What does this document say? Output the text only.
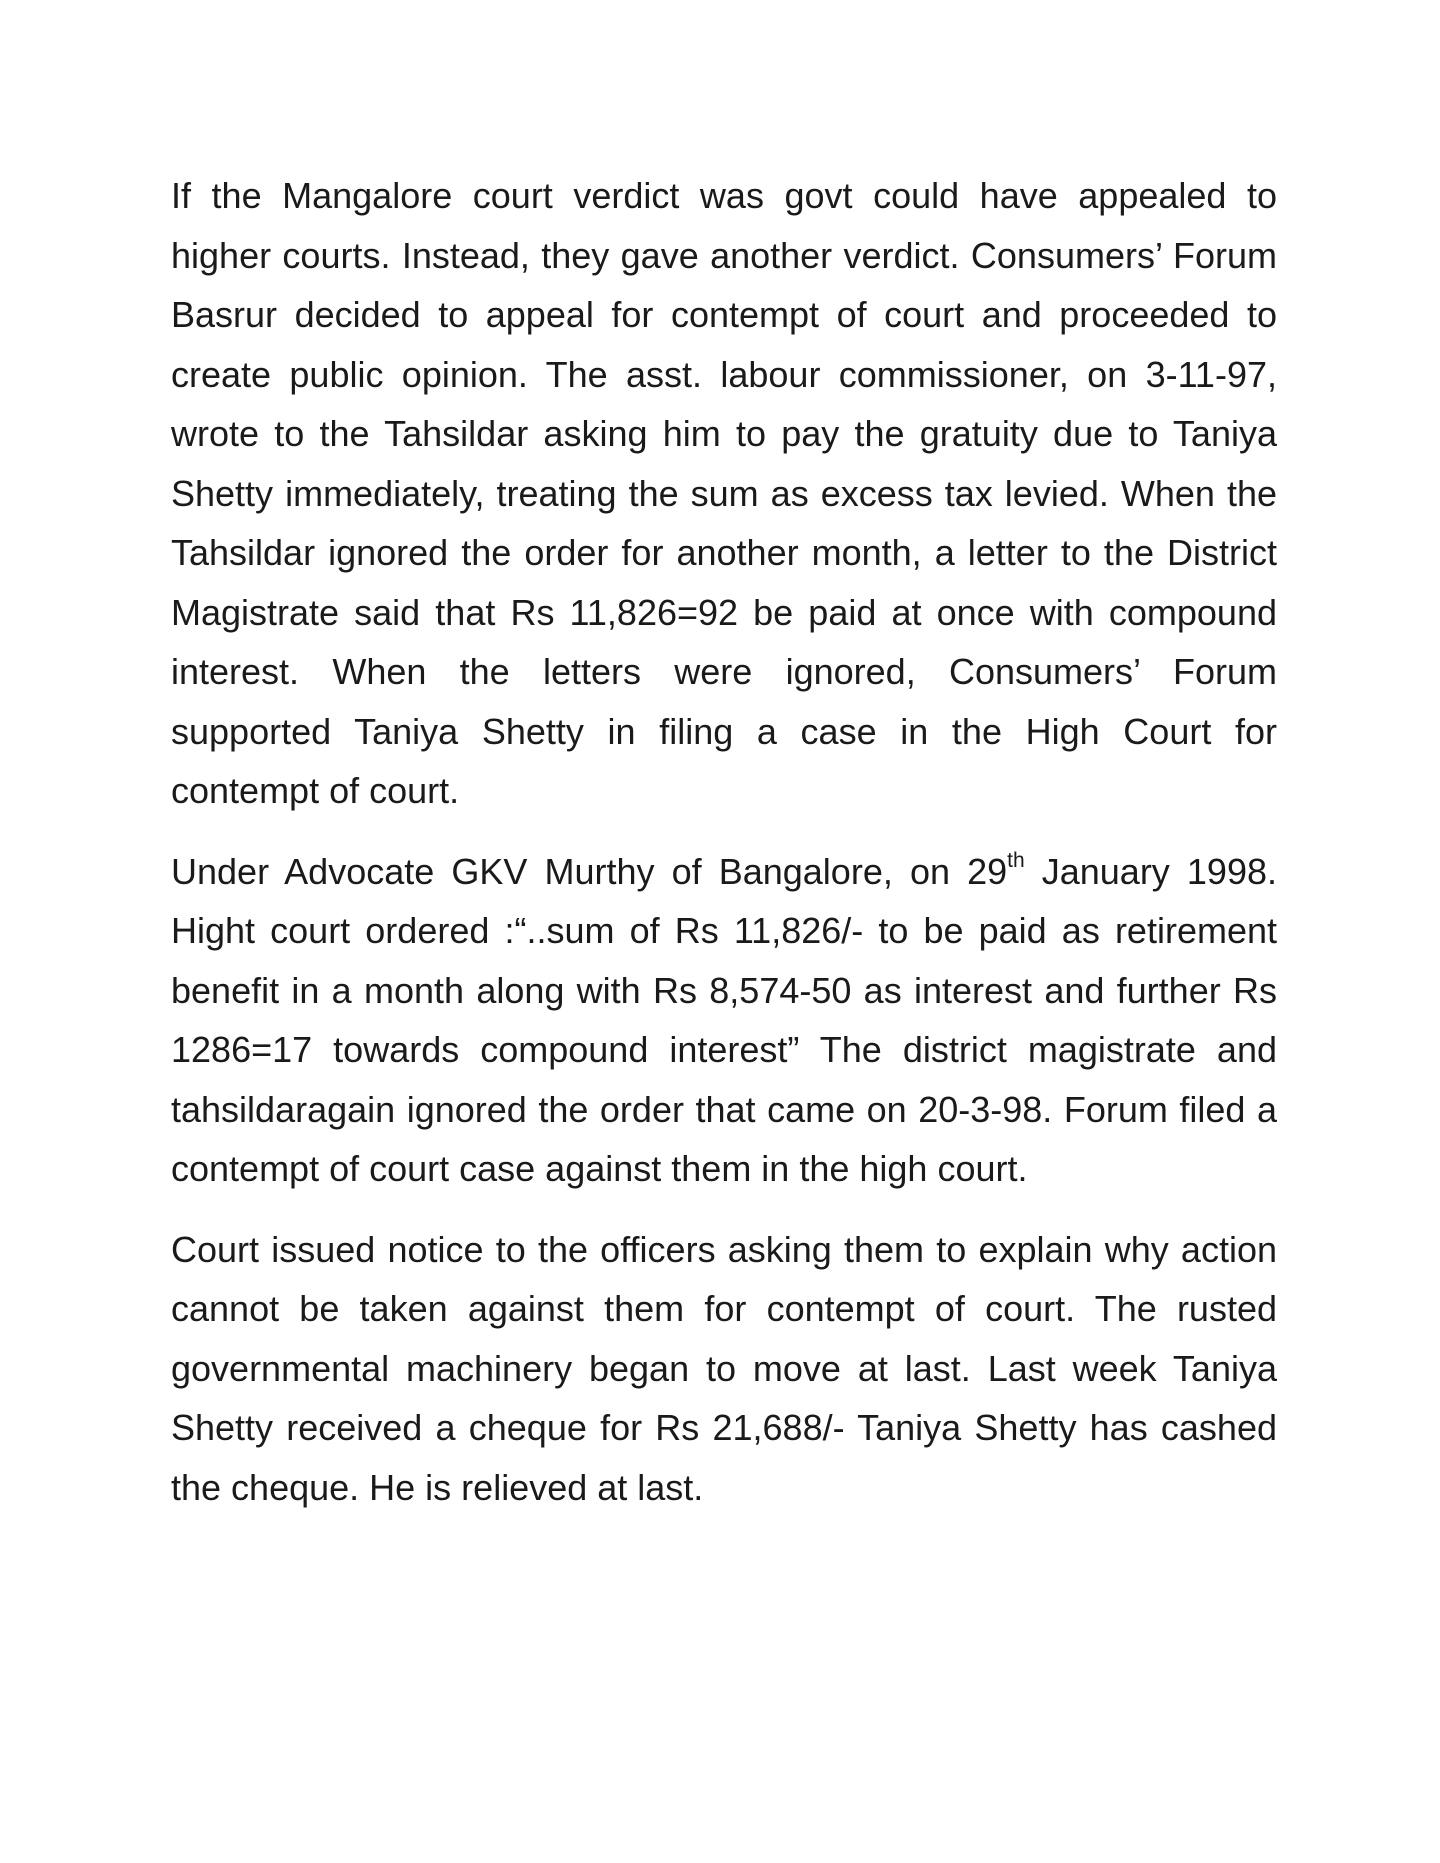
If the Mangalore court verdict was govt could have appealed to higher courts. Instead, they gave another verdict. Consumers’ Forum Basrur decided to appeal for contempt of court and proceeded to create public opinion. The asst. labour commissioner, on 3-11-97, wrote to the Tahsildar asking him to pay the gratuity due to Taniya Shetty immediately, treating the sum as excess tax levied. When the Tahsildar ignored the order for another month, a letter to the District Magistrate said that Rs 11,826=92 be paid at once with compound interest. When the letters were ignored, Consumers’ Forum supported Taniya Shetty in filing a case in the High Court for contempt of court.

Under Advocate GKV Murthy of Bangalore, on 29th January 1998. Hight court ordered :“..sum of Rs 11,826/- to be paid as retirement benefit in a month along with Rs 8,574-50 as interest and further Rs 1286=17 towards compound interest” The district magistrate and tahsildaragain ignored the order that came on 20-3-98. Forum filed a contempt of court case against them in the high court.

Court issued notice to the officers asking them to explain why action cannot be taken against them for contempt of court. The rusted governmental machinery began to move at last. Last week Taniya Shetty received a cheque for Rs 21,688/- Taniya Shetty has cashed the cheque. He is relieved at last.
